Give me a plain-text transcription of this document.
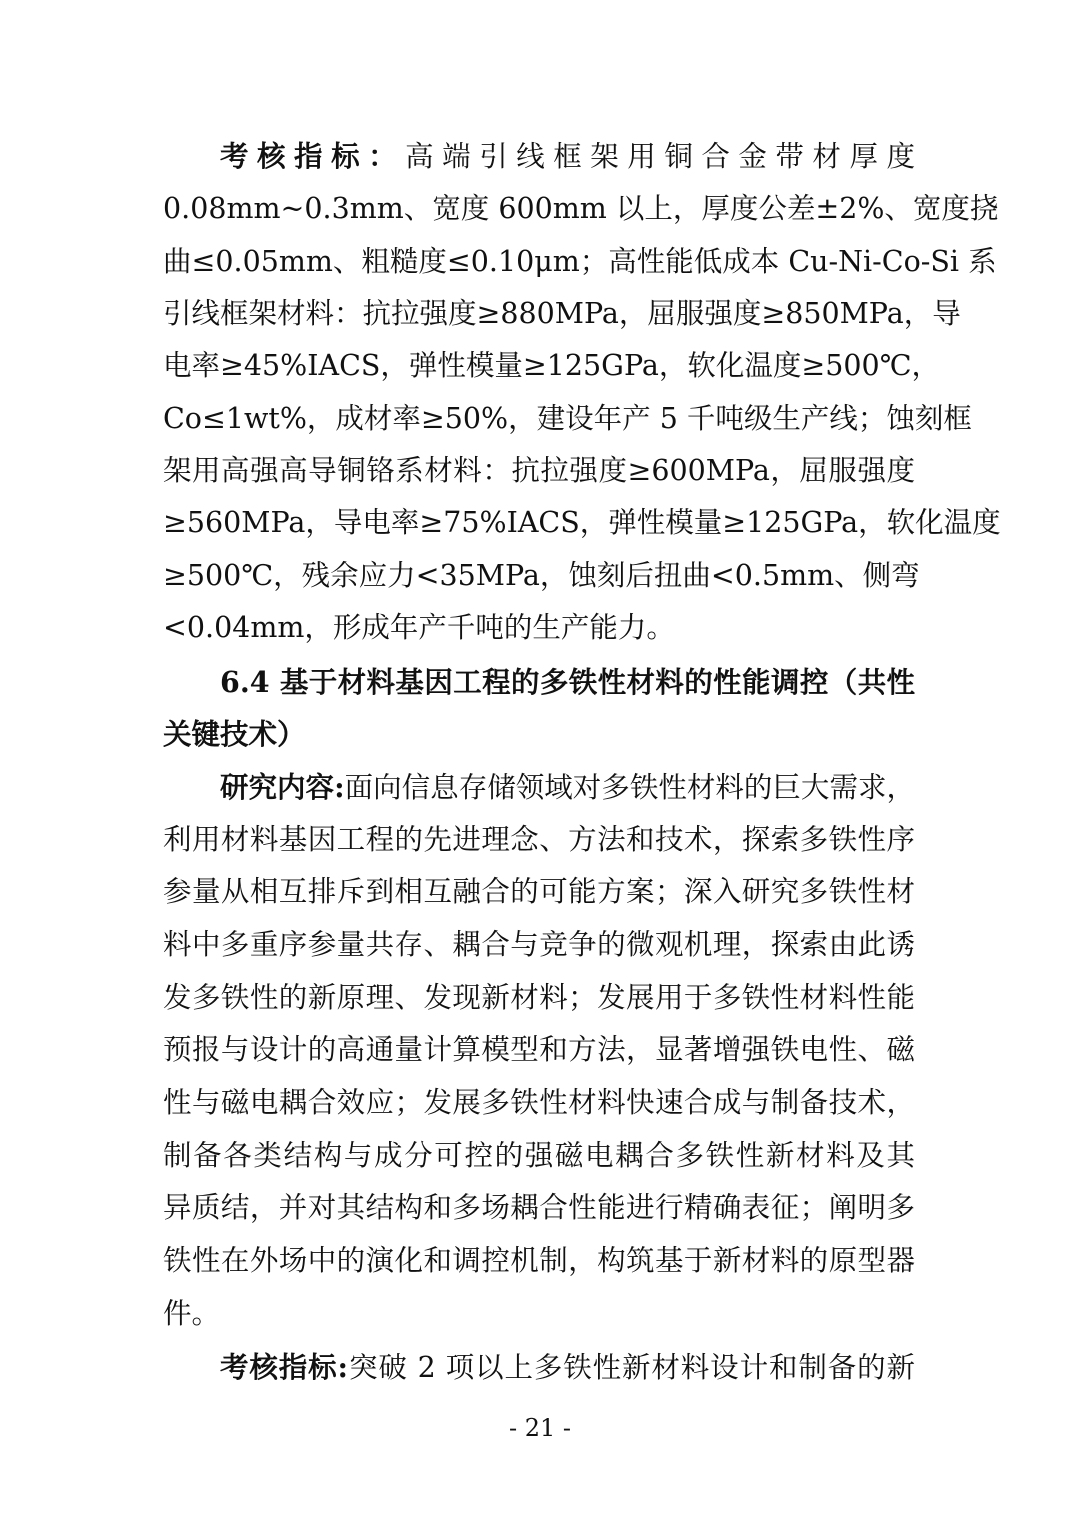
考核指标：高端引线框架用铜合金带材厚度
0.08mm~0.3mm、宽度 600mm 以上，厚度公差±2%、宽度挠
曲≤0.05mm、粗糙度≤0.10μm；高性能低成本 Cu-Ni-Co-Si 系
引线框架材料：抗拉强度≥880MPa，屈服强度≥850MPa，导
电率≥45%IACS，弹性模量≥125GPa，软化温度≥500℃，
Co≤1wt%，成材率≥50%，建设年产 5 千吨级生产线；蚀刻框
架用高强高导铜铬系材料：抗拉强度≥600MPa，屈服强度
≥560MPa，导电率≥75%IACS，弹性模量≥125GPa，软化温度
≥500℃，残余应力<35MPa，蚀刻后扭曲<0.5mm、侧弯
<0.04mm，形成年产千吨的生产能力。
6.4 基于材料基因工程的多铁性材料的性能调控（共性
关键技术）
研究内容:面向信息存储领域对多铁性材料的巨大需求，
利用材料基因工程的先进理念、方法和技术，探索多铁性序
参量从相互排斥到相互融合的可能方案；深入研究多铁性材
料中多重序参量共存、耦合与竞争的微观机理，探索由此诱
发多铁性的新原理、发现新材料；发展用于多铁性材料性能
预报与设计的高通量计算模型和方法，显著增强铁电性、磁
性与磁电耦合效应；发展多铁性材料快速合成与制备技术，
制备各类结构与成分可控的强磁电耦合多铁性新材料及其
异质结，并对其结构和多场耦合性能进行精确表征；阐明多
铁性在外场中的演化和调控机制，构筑基于新材料的原型器
件。
考核指标:突破 2 项以上多铁性新材料设计和制备的新
- 21 -
